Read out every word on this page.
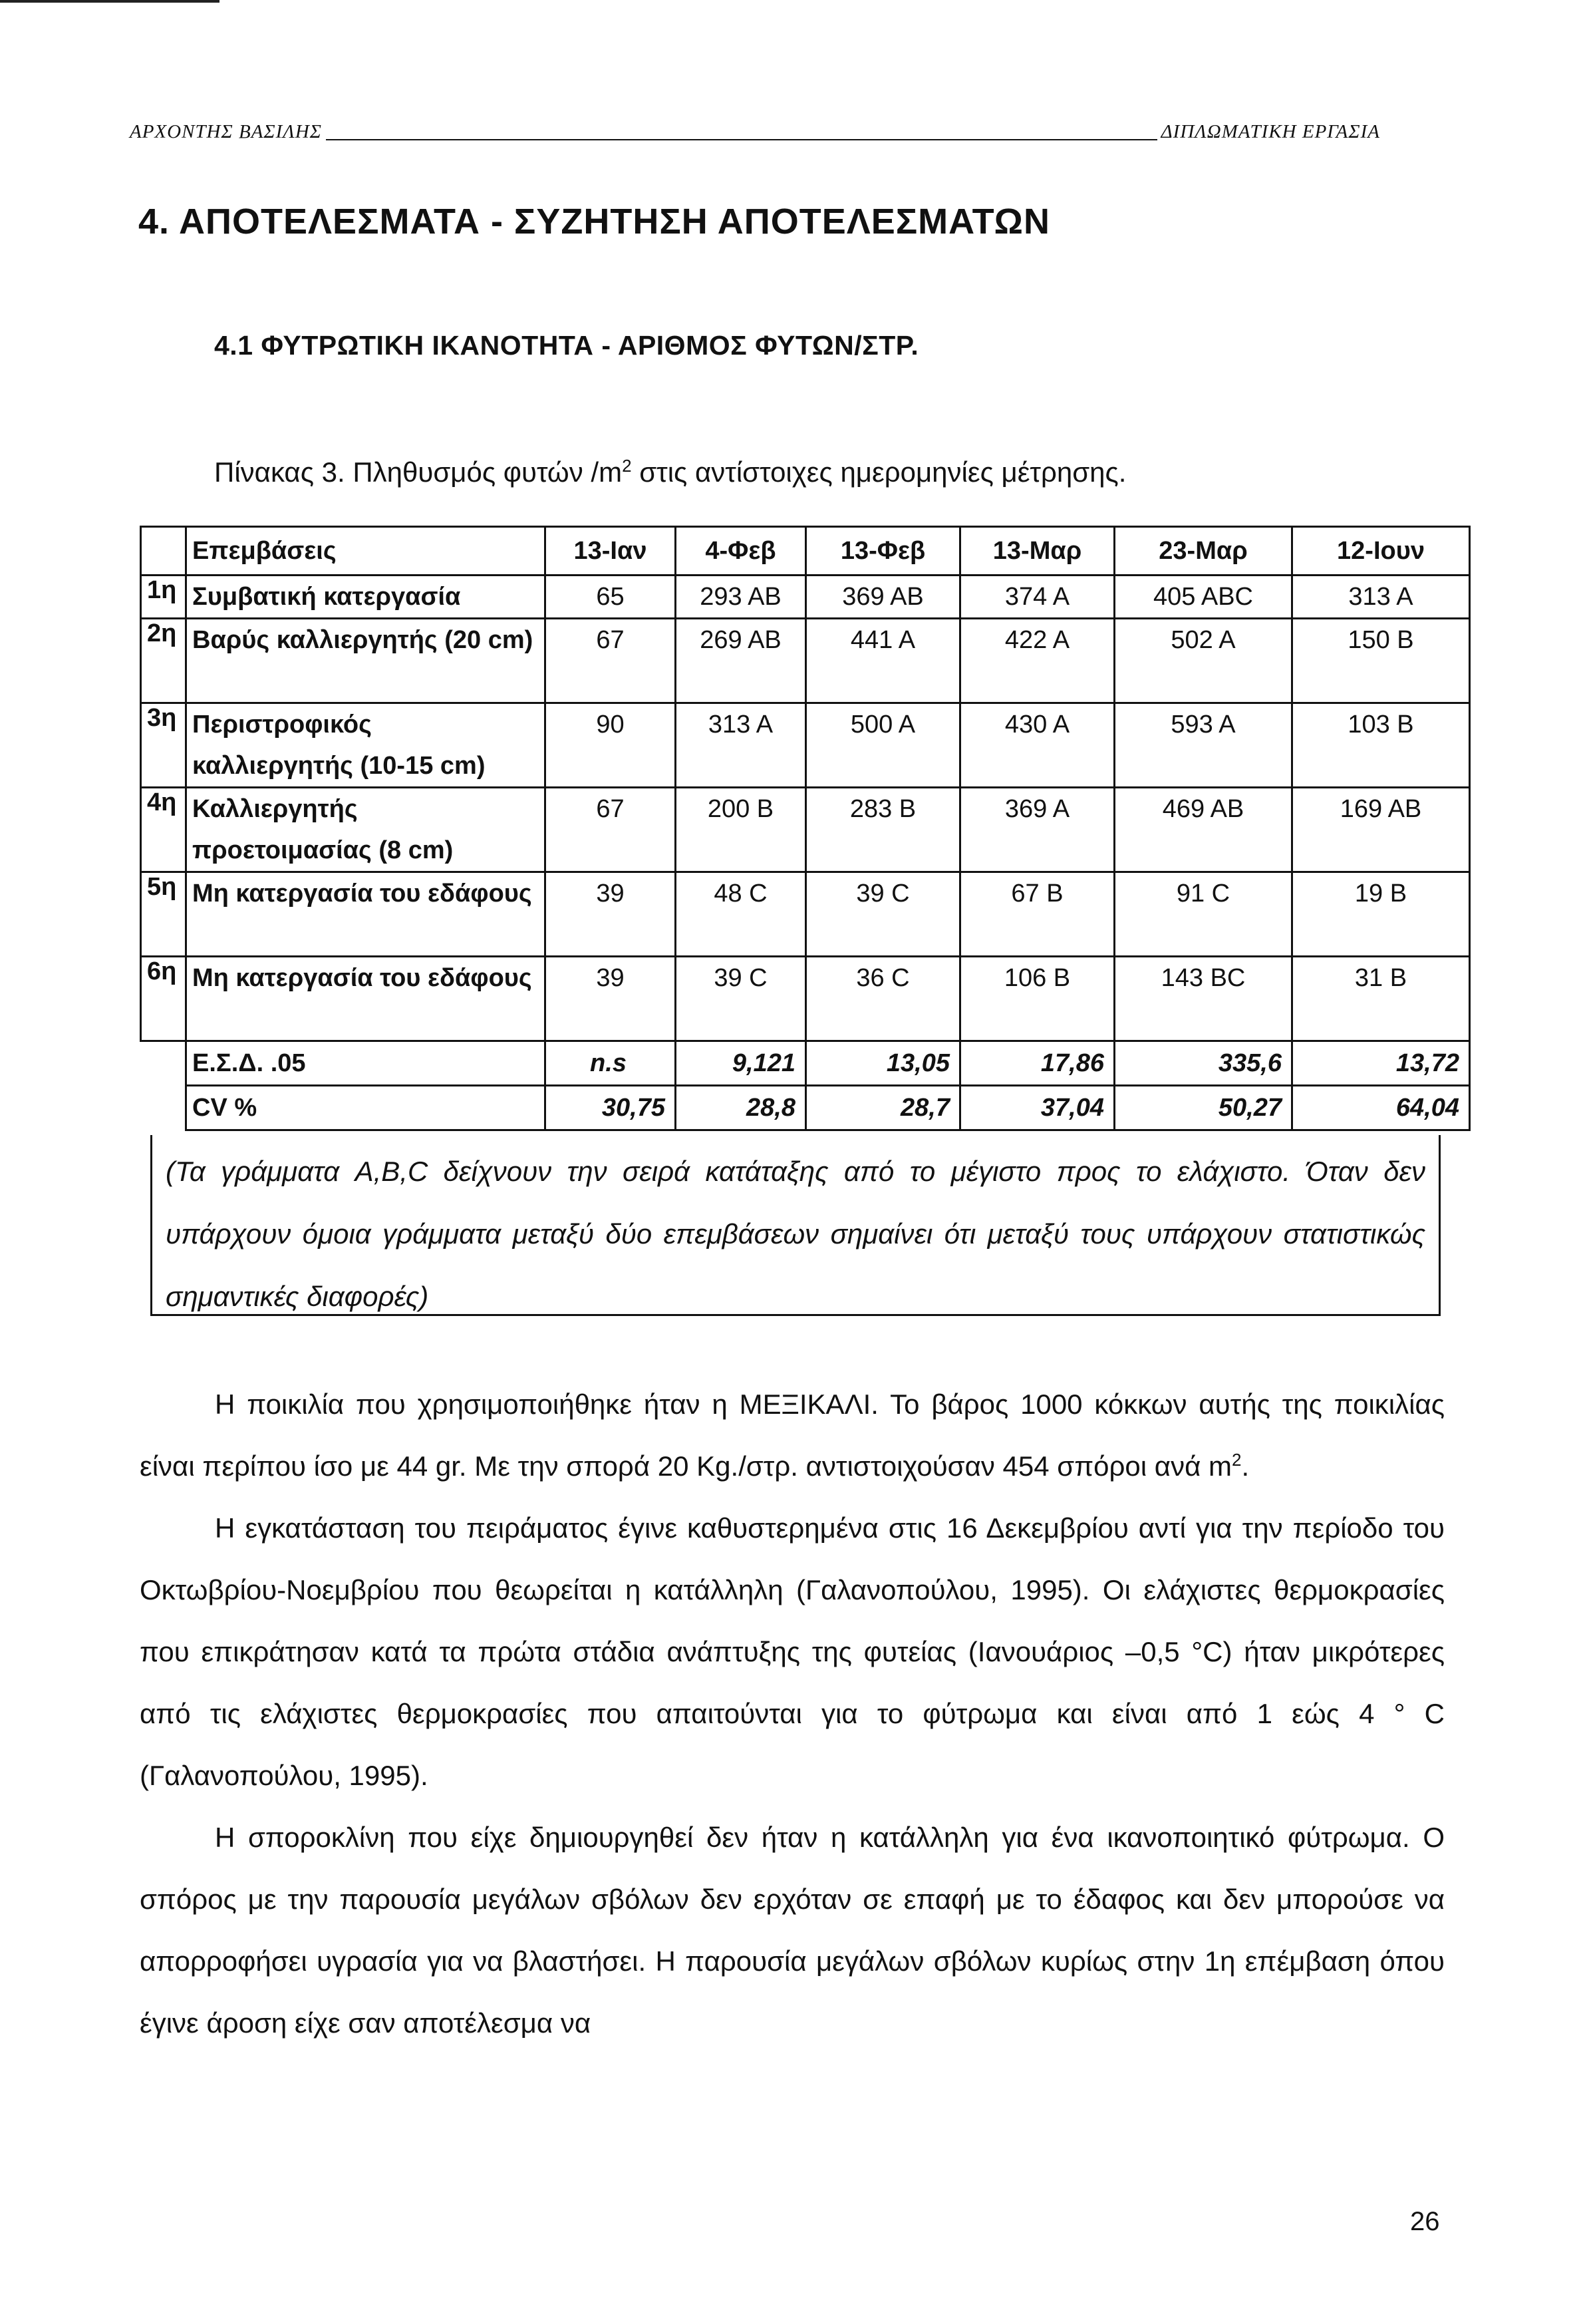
ΑΡΧΟΝΤΗΣ ΒΑΣΙΛΗΣ	ΔΙΠΛΩΜΑΤΙΚΗ ΕΡΓΑΣΙΑ
4. ΑΠΟΤΕΛΕΣΜΑΤΑ - ΣΥΖΗΤΗΣΗ ΑΠΟΤΕΛΕΣΜΑΤΩΝ
4.1 ΦΥΤΡΩΤΙΚΗ ΙΚΑΝΟΤΗΤΑ - ΑΡΙΘΜΟΣ ΦΥΤΩΝ/ΣΤΡ.
Πίνακας 3. Πληθυσμός φυτών $/m^2$ στις αντίστοιχες ημερομηνίες μέτρησης.
	Επεμβάσεις	13-Ιαν	4-Φεβ	13-Φεβ	13-Μαρ	23-Μαρ	12-Ιουν
1η	Συμβατική κατεργασία	65	293 AB	369 AB	374 A	405 ABC	313 A
2η	Βαρύς καλλιεργητής (20 cm)	67	269 AB	441 A	422 A	502 A	150 B
3η	Περιστροφικός καλλιεργητής (10-15 cm)	90	313 A	500 A	430 A	593 A	103 B
4η	Καλλιεργητής προετοιμασίας (8 cm)	67	200 B	283 B	369 A	469 AB	169 AB
5η	Μη κατεργασία του εδάφους	39	48 C	39 C	67 B	91 C	19 B
6η	Μη κατεργασία του εδάφους	39	39 C	36 C	106 B	143 BC	31 B
	Ε.Σ.Δ. .05	n.s	9,121	13,05	17,86	335,6	13,72
	CV %	30,75	28,8	28,7	37,04	50,27	64,04
(Τα γράμματα A,B,C δείχνουν την σειρά κατάταξης από το μέγιστο προς το ελάχιστο. Όταν δεν υπάρχουν όμοια γράμματα μεταξύ δύο επεμβάσεων σημαίνει ότι μεταξύ τους υπάρχουν στατιστικώς σημαντικές διαφορές)

Η ποικιλία που χρησιμοποιήθηκε ήταν η ΜΕΞΙΚΑΛΙ. Το βάρος 1000 κόκκων αυτής της ποικιλίας είναι περίπου ίσο με 44 gr. Με την σπορά 20 Kg./στρ. αντιστοιχούσαν 454 σπόροι ανά $m^2$.

Η εγκατάσταση του πειράματος έγινε καθυστερημένα στις 16 Δεκεμβρίου αντί για την περίοδο του Οκτωβρίου-Νοεμβρίου που θεωρείται η κατάλληλη (Γαλανοπούλου, 1995). Οι ελάχιστες θερμοκρασίες που επικράτησαν κατά τα πρώτα στάδια ανάπτυξης της φυτείας (Ιανουάριος –0,5 °C) ήταν μικρότερες από τις ελάχιστες θερμοκρασίες που απαιτούνται για το φύτρωμα και είναι από 1 εώς 4 ° C (Γαλανοπούλου, 1995).

Η σποροκλίνη που είχε δημιουργηθεί δεν ήταν η κατάλληλη για ένα ικανοποιητικό φύτρωμα. Ο σπόρος με την παρουσία μεγάλων σβόλων δεν ερχόταν σε επαφή με το έδαφος και δεν μπορούσε να απορροφήσει υγρασία για να βλαστήσει. Η παρουσία μεγάλων σβόλων κυρίως στην 1η επέμβαση όπου έγινε άροση είχε σαν αποτέλεσμα να

26
